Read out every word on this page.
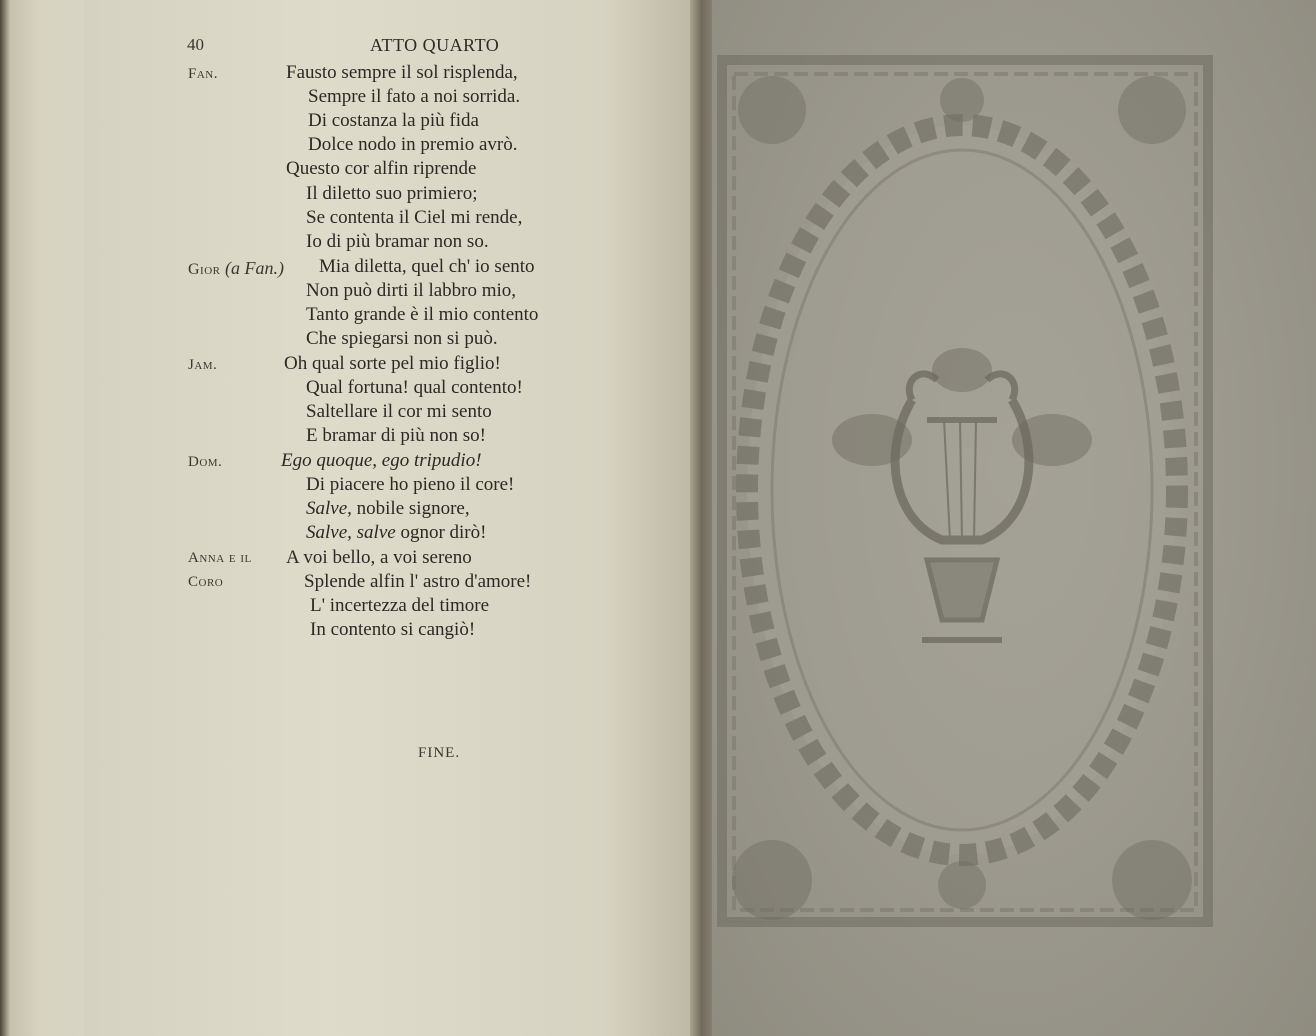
40	ATTO QUARTO
Fan.
Gior (a Fan.)
Jam.
Dom.
Anna e il
Coro
Fausto sempre il sol risplenda,
Sempre il fato a noi sorrida.
Di costanza la più fida
Dolce nodo in premio avrò.
Questo cor alfin riprende
Il diletto suo primiero;
Se contenta il Ciel mi rende,
Io di più bramar non so.
Mia diletta, quel ch' io sento
Non può dirti il labbro mio,
Tanto grande è il mio contento
Che spiegarsi non si può.
Oh qual sorte pel mio figlio!
Qual fortuna! qual contento!
Saltellare il cor mi sento
E bramar di più non so!
Ego quoque, ego tripudio!
Di piacere ho pieno il core!
Salve, nobile signore,
Salve, salve ognor dirò!
A voi bello, a voi sereno
Splende alfin l' astro d'amore!
L' incertezza del timore
In contento si cangiò!
FINE.
